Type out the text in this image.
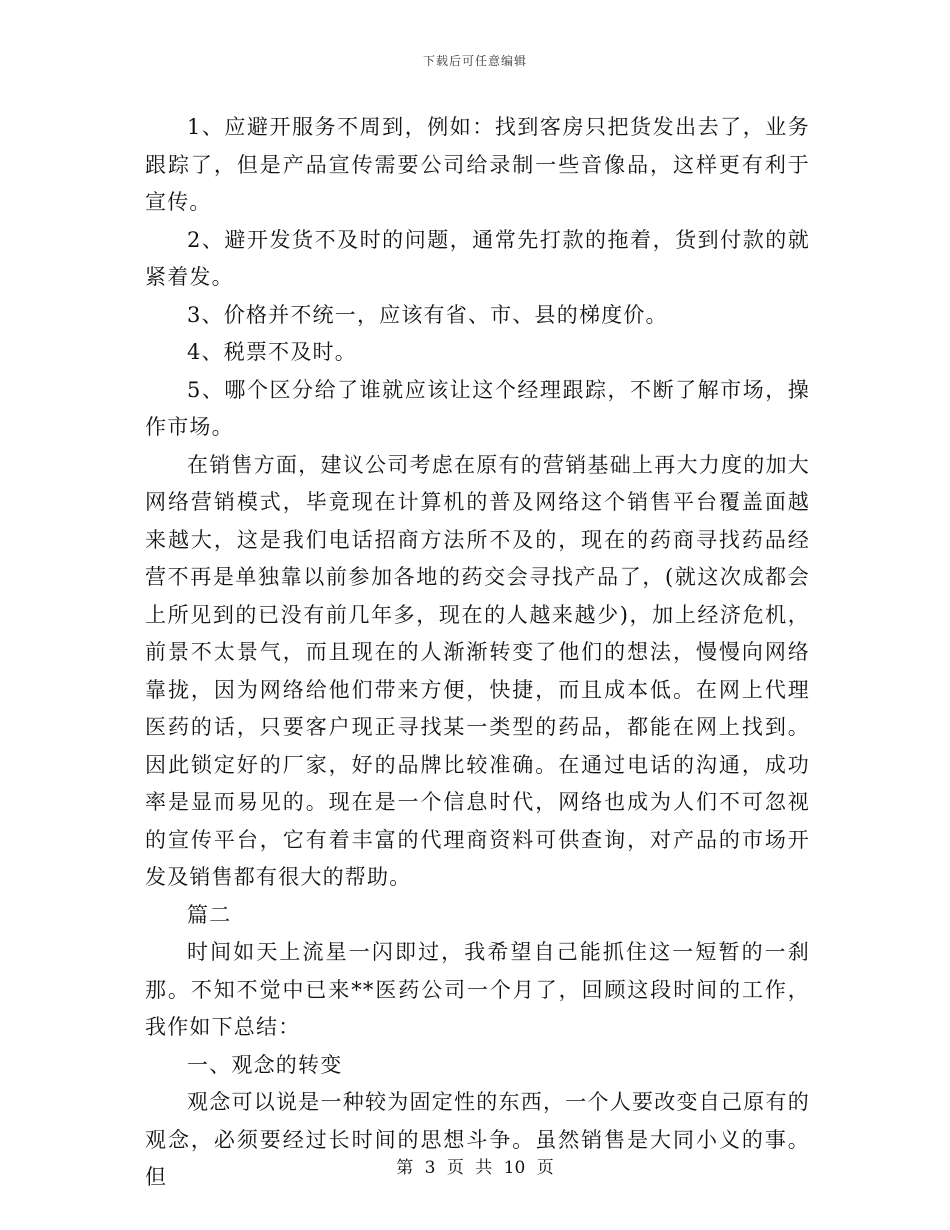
下载后可任意编辑

1、应避开服务不周到，例如：找到客房只把货发出去了，业务跟踪了，但是产品宣传需要公司给录制一些音像品，这样更有利于宣传。

2、避开发货不及时的问题，通常先打款的拖着，货到付款的就紧着发。

3、价格并不统一，应该有省、市、县的梯度价。

4、税票不及时。

5、哪个区分给了谁就应该让这个经理跟踪，不断了解市场，操作市场。

在销售方面，建议公司考虑在原有的营销基础上再大力度的加大网络营销模式，毕竟现在计算机的普及网络这个销售平台覆盖面越来越大，这是我们电话招商方法所不及的，现在的药商寻找药品经营不再是单独靠以前参加各地的药交会寻找产品了，(就这次成都会上所见到的已没有前几年多，现在的人越来越少)，加上经济危机，前景不太景气，而且现在的人渐渐转变了他们的想法，慢慢向网络靠拢，因为网络给他们带来方便，快捷，而且成本低。在网上代理医药的话，只要客户现正寻找某一类型的药品，都能在网上找到。因此锁定好的厂家，好的品牌比较准确。在通过电话的沟通，成功率是显而易见的。现在是一个信息时代，网络也成为人们不可忽视的宣传平台，它有着丰富的代理商资料可供查询，对产品的市场开发及销售都有很大的帮助。

篇二

时间如天上流星一闪即过，我希望自己能抓住这一短暂的一刹那。不知不觉中已来**医药公司一个月了，回顾这段时间的工作，我作如下总结：

一、观念的转变

观念可以说是一种较为固定性的东西，一个人要改变自己原有的观念，必须要经过长时间的思想斗争。虽然销售是大同小义的事。但	第 3 页 共 10 页
